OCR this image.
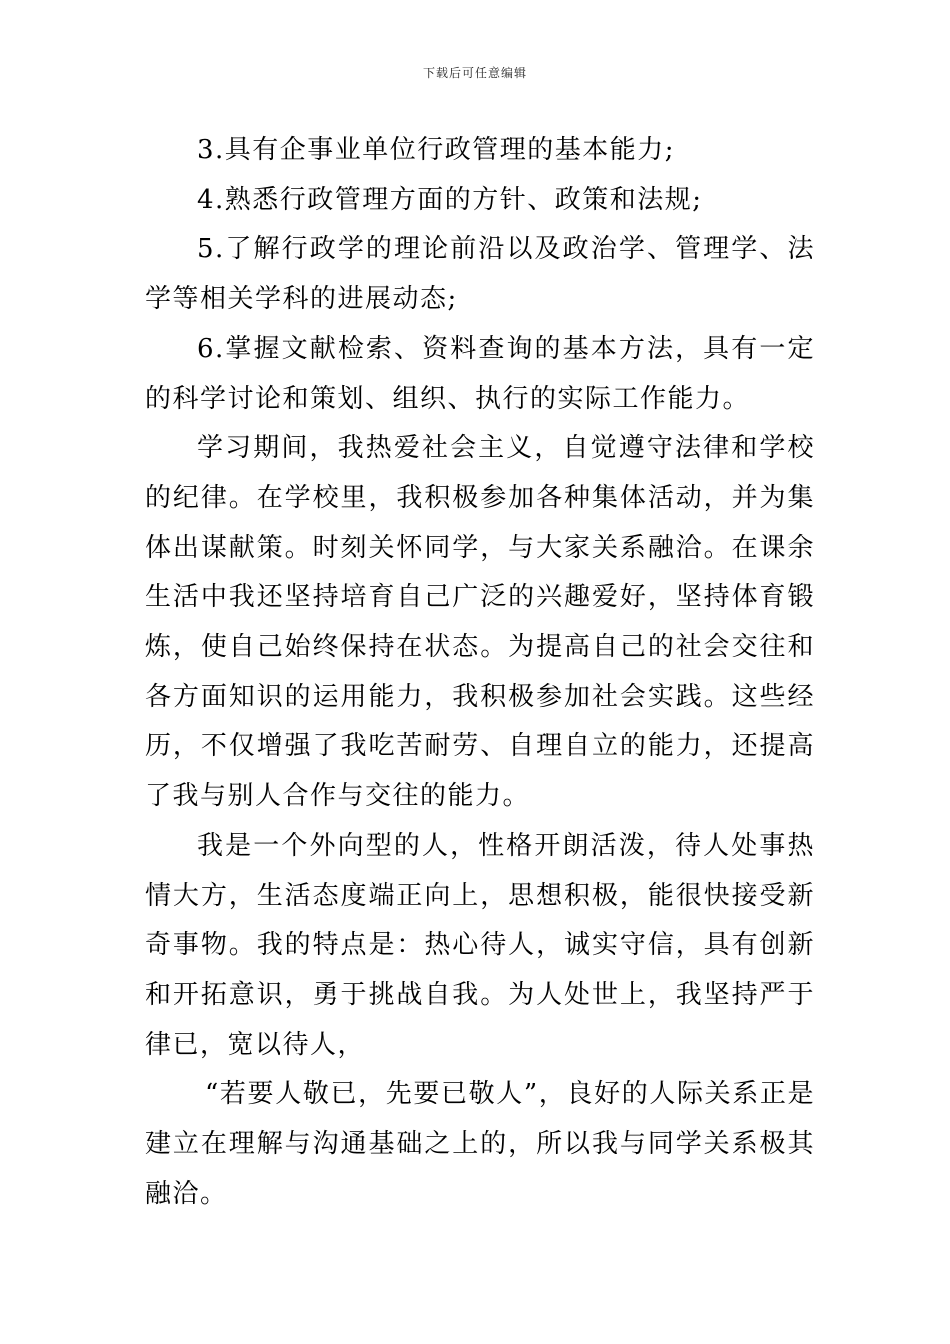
下载后可任意编辑

3.具有企事业单位行政管理的基本能力;

4.熟悉行政管理方面的方针、政策和法规;

5.了解行政学的理论前沿以及政治学、管理学、法学等相关学科的进展动态;

6.掌握文献检索、资料查询的基本方法，具有一定的科学讨论和策划、组织、执行的实际工作能力。

学习期间，我热爱社会主义，自觉遵守法律和学校的纪律。在学校里，我积极参加各种集体活动，并为集体出谋献策。时刻关怀同学，与大家关系融洽。在课余生活中我还坚持培育自己广泛的兴趣爱好，坚持体育锻炼，使自己始终保持在状态。为提高自己的社会交往和各方面知识的运用能力，我积极参加社会实践。这些经历，不仅增强了我吃苦耐劳、自理自立的能力，还提高了我与别人合作与交往的能力。

我是一个外向型的人，性格开朗活泼，待人处事热情大方，生活态度端正向上，思想积极，能很快接受新奇事物。我的特点是：热心待人，诚实守信，具有创新和开拓意识，勇于挑战自我。为人处世上，我坚持严于律已，宽以待人，

“若要人敬已，先要已敬人”，良好的人际关系正是建立在理解与沟通基础之上的，所以我与同学关系极其融洽。
